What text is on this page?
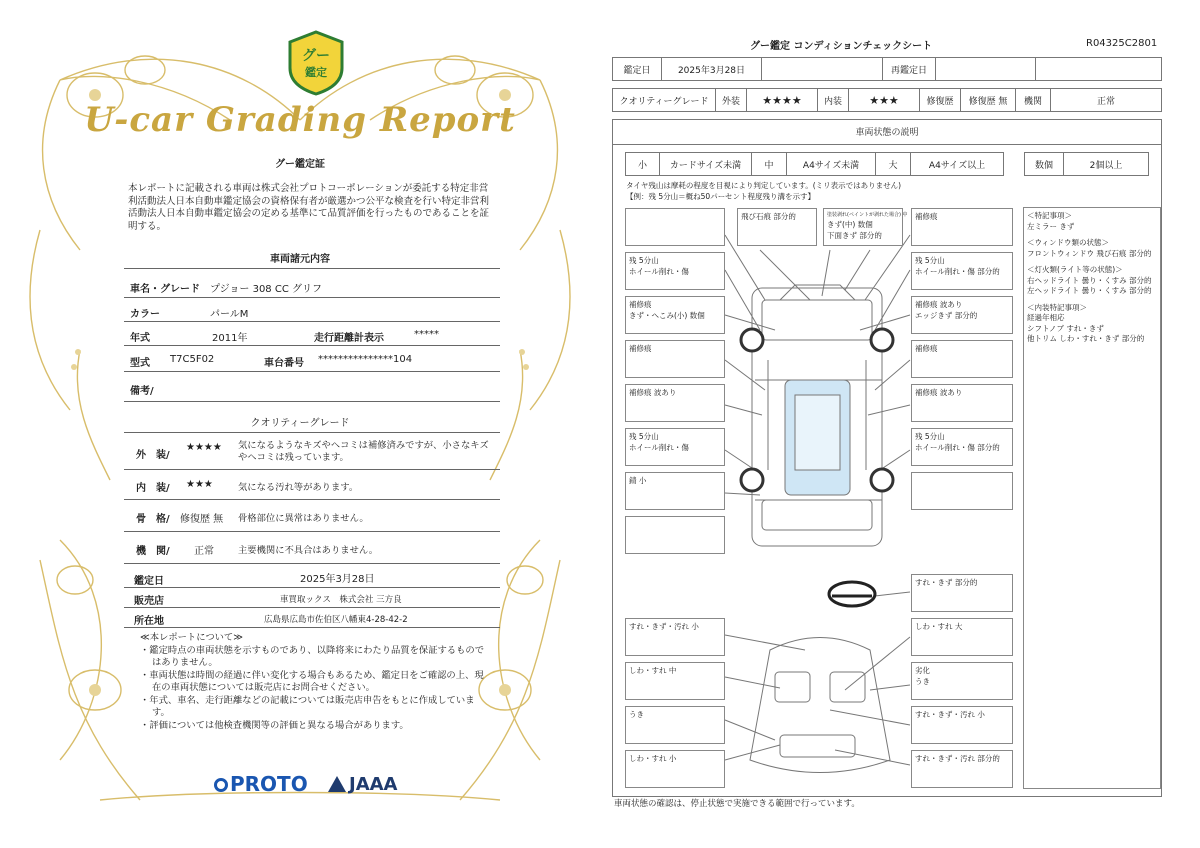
グー
鑑定
U-car Grading Report
グー鑑定証
本レポートに記載される車両は株式会社プロトコーポレーションが委託する特定非営利活動法人日本自動車鑑定協会の資格保有者が厳選かつ公平な検査を行い特定非営利活動法人日本自動車鑑定協会の定める基準にて品質評価を行ったものであることを証明する。
車両諸元内容
車名・グレード プジョー 308 CC グリフ
カラー	パールM
年式	2011年	走行距離計表示	*****
型式 T7C5F02	車台番号 ***************104
備考/
クオリティーグレード
外　装/
★★★★ 気になるようなキズやヘコミは補修済みですが、小さなキズやヘコミは残っています。
内　装/ ★★★	気になる汚れ等があります。
骨　格/ 修復歴 無 骨格部位に異常はありません。
機　関/ 正常	主要機関に不具合はありません。
鑑定日	2025年3月28日
販売店	車買取ックス　株式会社 三方良
所在地	広島県広島市佐伯区八幡東4-28-42-2
≪本レポートについて≫
・鑑定時点の車両状態を示すものであり、以降将来にわたり品質を保証するものではありません。
・車両状態は時間の経過に伴い変化する場合もあるため、鑑定日をご確認の上、現在の車両状態については販売店にお問合せください。
・年式、車名、走行距離などの記載については販売店申告をもとに作成しています。
・評価については他検査機関等の評価と異なる場合があります。
PROTO	JAAA
グー鑑定 コンディションチェックシート	R04325C2801
鑑定日	2025年3月28日	再鑑定日
クオリティーグレード	外装	★★★★	内装	★★★	修復歴	修復歴 無	機関	正常
車両状態の説明
小	カードサイズ未満	中	A4サイズ未満	大	A4サイズ以上	数個	2個以上
タイヤ残山は摩耗の程度を目視により判定しています。(ミリ表示ではありません)
【例：残 5分山＝概ね50パーセント程度残り溝を示す】
残 5分山
ホイール削れ・傷
補修痕
きず・へこみ(小) 数個
補修痕
補修痕 波あり
残 5分山
ホイール削れ・傷
錆 小
飛び石痕 部分的	塗装剥れ(ペイントが剥れた場合) 中
きず(中) 数個
下面きず 部分的
補修痕
残 5分山
ホイール削れ・傷 部分的
補修痕 波あり
エッジきず 部分的
補修痕
補修痕 波あり
残 5分山
ホイール削れ・傷 部分的
すれ・きず・汚れ 小
しわ・すれ 中
うき
しわ・すれ 小
すれ・きず 部分的
しわ・すれ 大
劣化
うき
すれ・きず・汚れ 小
すれ・きず・汚れ 部分的
＜特記事項＞
左ミラー きず
＜ウィンドウ類の状態＞
フロントウィンドウ 飛び石痕 部分的
＜灯火類(ライト等の状態)＞
右ヘッドライト 曇り・くすみ 部分的
左ヘッドライト 曇り・くすみ 部分的
＜内装特記事項＞
経過年相応
シフトノブ すれ・きず
他トリム しわ・すれ・きず 部分的
車両状態の確認は、停止状態で実施できる範囲で行っています。
